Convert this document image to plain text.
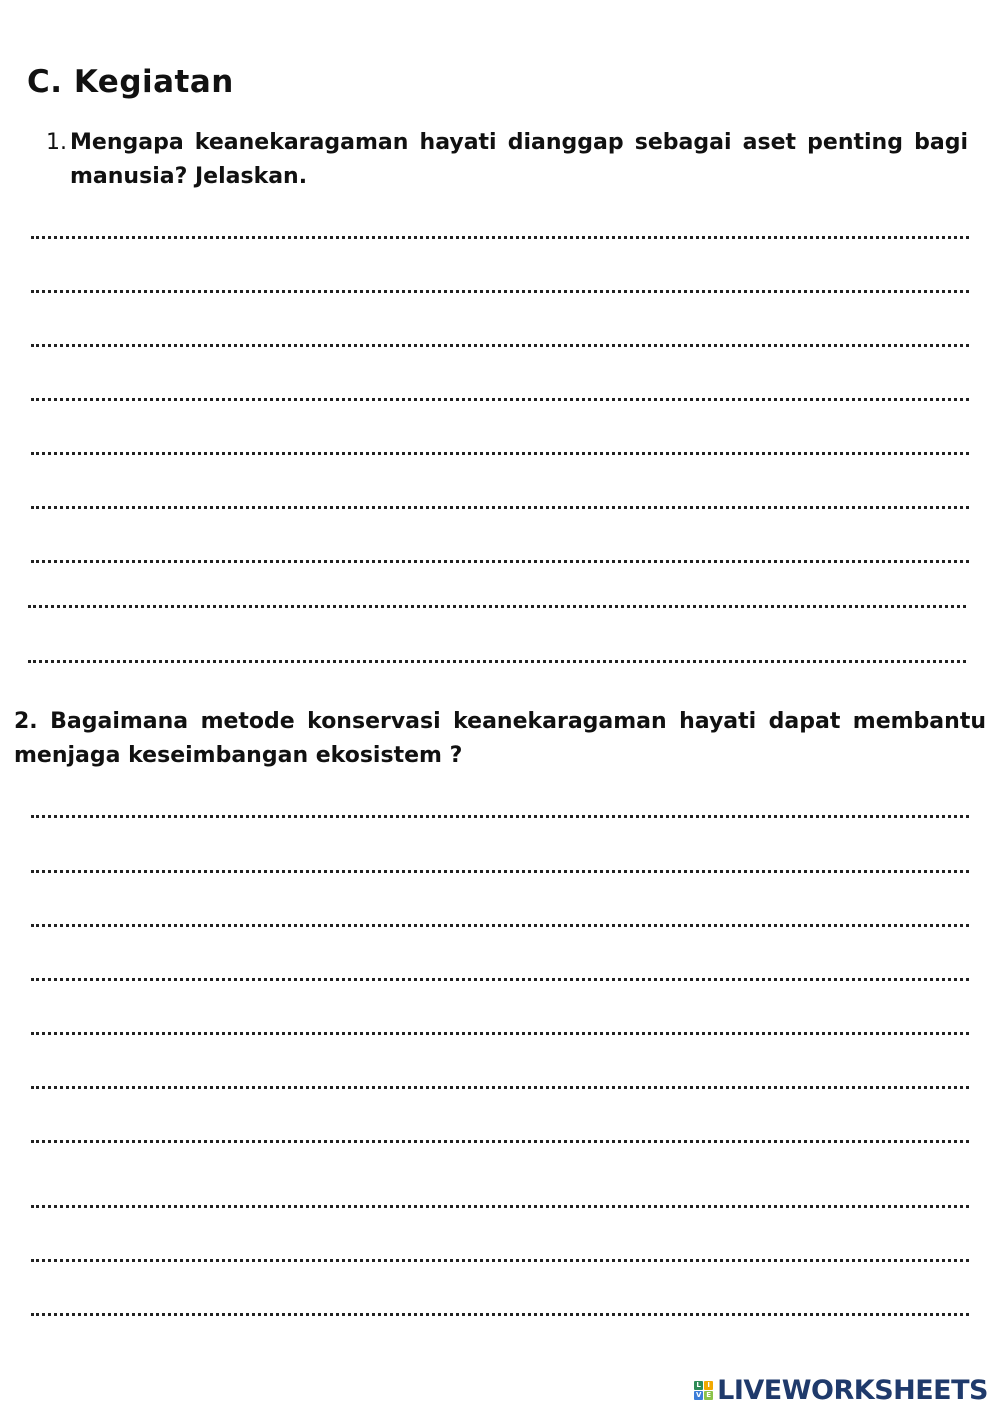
C. Kegiatan
1. Mengapa keanekaragaman hayati dianggap sebagai aset penting bagi manusia? Jelaskan.
2. Bagaimana metode konservasi keanekaragaman hayati dapat membantu menjaga keseimbangan ekosistem ?
L I
V E LIVEWORKSHEETS
